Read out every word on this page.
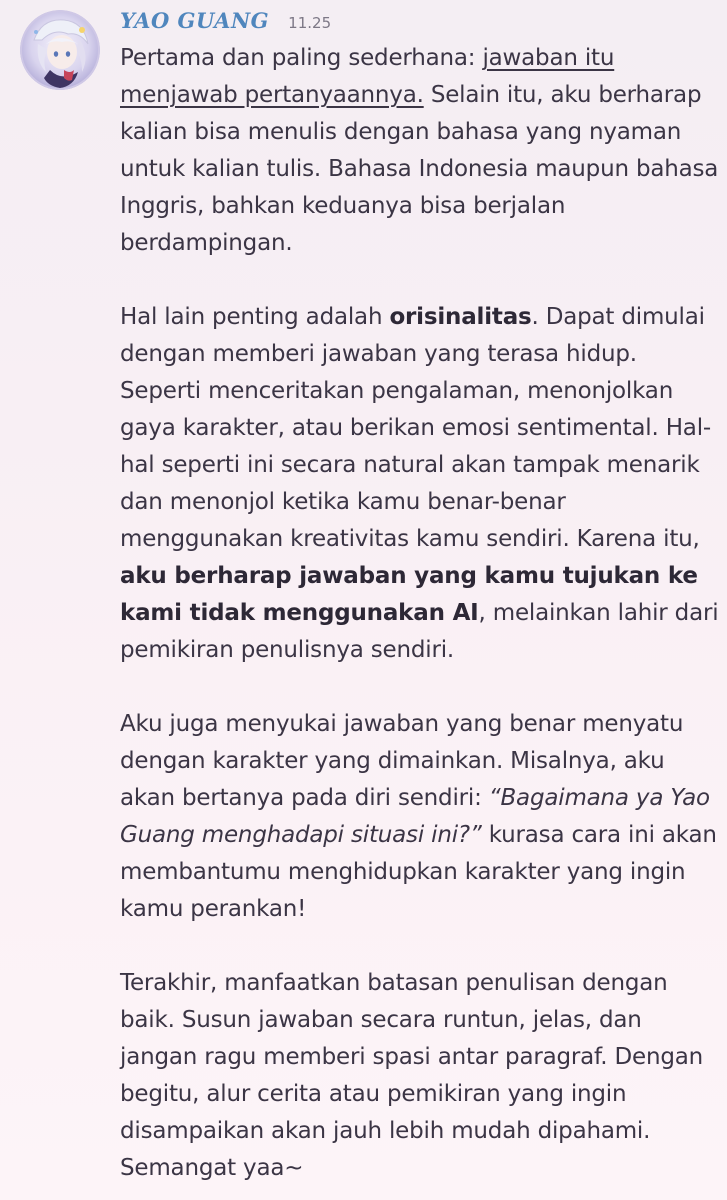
YAO GUANG 11.25

Pertama dan paling sederhana: jawaban itu menjawab pertanyaannya. Selain itu, aku berharap kalian bisa menulis dengan bahasa yang nyaman untuk kalian tulis. Bahasa Indonesia maupun bahasa Inggris, bahkan keduanya bisa berjalan berdampingan.

Hal lain penting adalah orisinalitas. Dapat dimulai dengan memberi jawaban yang terasa hidup. Seperti menceritakan pengalaman, menonjolkan gaya karakter, atau berikan emosi sentimental. Hal-hal seperti ini secara natural akan tampak menarik dan menonjol ketika kamu benar-benar menggunakan kreativitas kamu sendiri. Karena itu, aku berharap jawaban yang kamu tujukan ke kami tidak menggunakan AI, melainkan lahir dari pemikiran penulisnya sendiri.

Aku juga menyukai jawaban yang benar menyatu dengan karakter yang dimainkan. Misalnya, aku akan bertanya pada diri sendiri: “Bagaimana ya Yao Guang menghadapi situasi ini?” kurasa cara ini akan membantumu menghidupkan karakter yang ingin kamu perankan!

Terakhir, manfaatkan batasan penulisan dengan baik. Susun jawaban secara runtun, jelas, dan jangan ragu memberi spasi antar paragraf. Dengan begitu, alur cerita atau pemikiran yang ingin disampaikan akan jauh lebih mudah dipahami. Semangat yaa~
